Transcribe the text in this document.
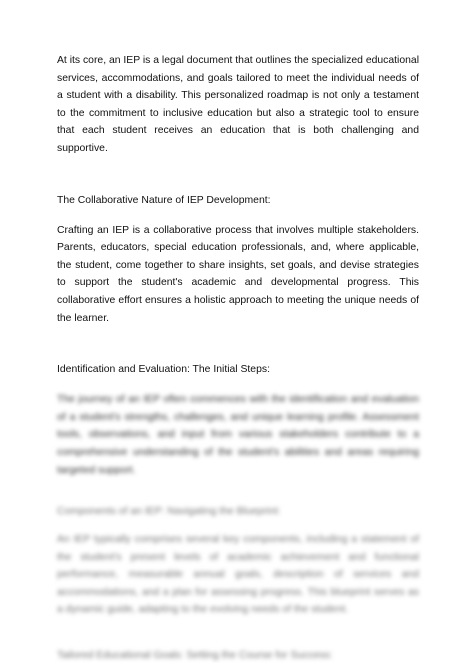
At its core, an IEP is a legal document that outlines the specialized educational services, accommodations, and goals tailored to meet the individual needs of a student with a disability. This personalized roadmap is not only a testament to the commitment to inclusive education but also a strategic tool to ensure that each student receives an education that is both challenging and supportive.

The Collaborative Nature of IEP Development:

Crafting an IEP is a collaborative process that involves multiple stakeholders. Parents, educators, special education professionals, and, where applicable, the student, come together to share insights, set goals, and devise strategies to support the student's academic and developmental progress. This collaborative effort ensures a holistic approach to meeting the unique needs of the learner.

Identification and Evaluation: The Initial Steps:

The journey of an IEP often commences with the identification and evaluation of a student's strengths, challenges, and unique learning profile. Assessment tools, observations, and input from various stakeholders contribute to a comprehensive understanding of the student's abilities and areas requiring targeted support.

Components of an IEP: Navigating the Blueprint:

An IEP typically comprises several key components, including a statement of the student's present levels of academic achievement and functional performance, measurable annual goals, description of services and accommodations, and a plan for assessing progress. This blueprint serves as a dynamic guide, adapting to the evolving needs of the student.

Tailored Educational Goals: Setting the Course for Success:
